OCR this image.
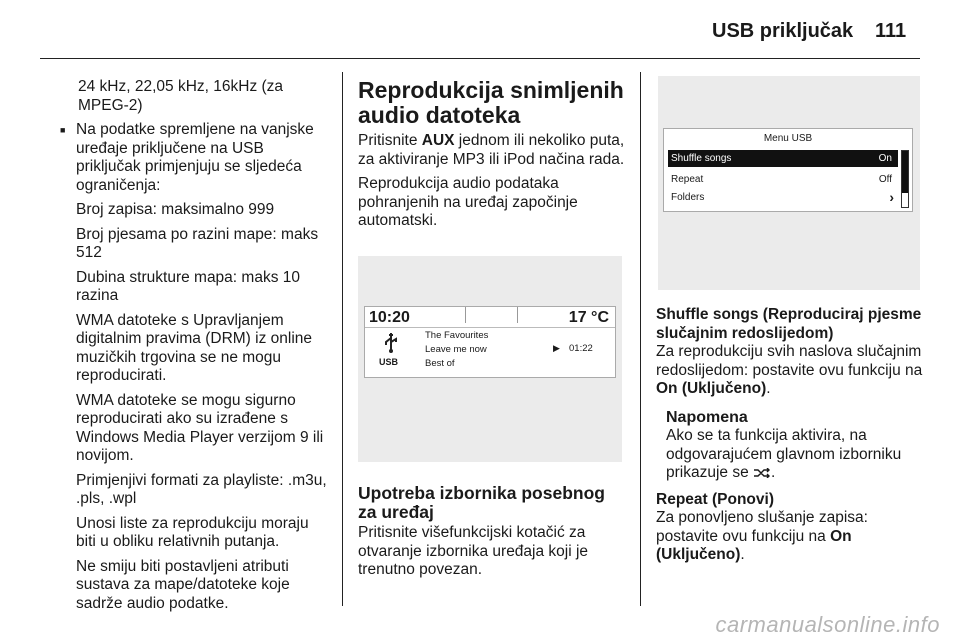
USB priključak 111

24 kHz, 22,05 kHz, 16kHz (za MPEG-2)

■ Na podatke spremljene na vanjske uređaje priključene na USB priključak primjenjuju se sljedeća ograničenja:

Broj zapisa: maksimalno 999

Broj pjesama po razini mape: maks 512

Dubina strukture mapa: maks 10 razina

WMA datoteke s Upravljanjem digitalnim pravima (DRM) iz online muzičkih trgovina se ne mogu reproducirati.

WMA datoteke se mogu sigurno reproducirati ako su izrađene s Windows Media Player verzijom 9 ili novijom.

Primjenjivi formati za playliste: .m3u, .pls, .wpl

Unosi liste za reprodukciju moraju biti u obliku relativnih putanja.

Ne smiju biti postavljeni atributi sustava za mape/datoteke koje sadrže audio podatke.

Reprodukcija snimljenih audio datoteka

Pritisnite AUX jednom ili nekoliko puta, za aktiviranje MP3 ili iPod načina rada.

Reprodukcija audio podataka pohranjenih na uređaj započinje automatski.

10:20	17 °C
USB
The Favourites
Leave me now
Best of
▶ 01:22
Upotreba izbornika posebnog za uređaj

Pritisnite višefunkcijski kotačić za otvaranje izbornika uređaja koji je trenutno povezan.

Menu USB
Shuffle songs	On
Repeat	Off
Folders	›
Shuffle songs (Reproduciraj pjesme slučajnim redoslijedom)

Za reprodukciju svih naslova slučajnim redoslijedom: postavite ovu funkciju na On (Uključeno).

Napomena

Ako se ta funkcija aktivira, na odgovarajućem glavnom izborniku prikazuje se .

Repeat (Ponovi)

Za ponovljeno slušanje zapisa: postavite ovu funkciju na On (Uključeno).

carmanualsonline.info
